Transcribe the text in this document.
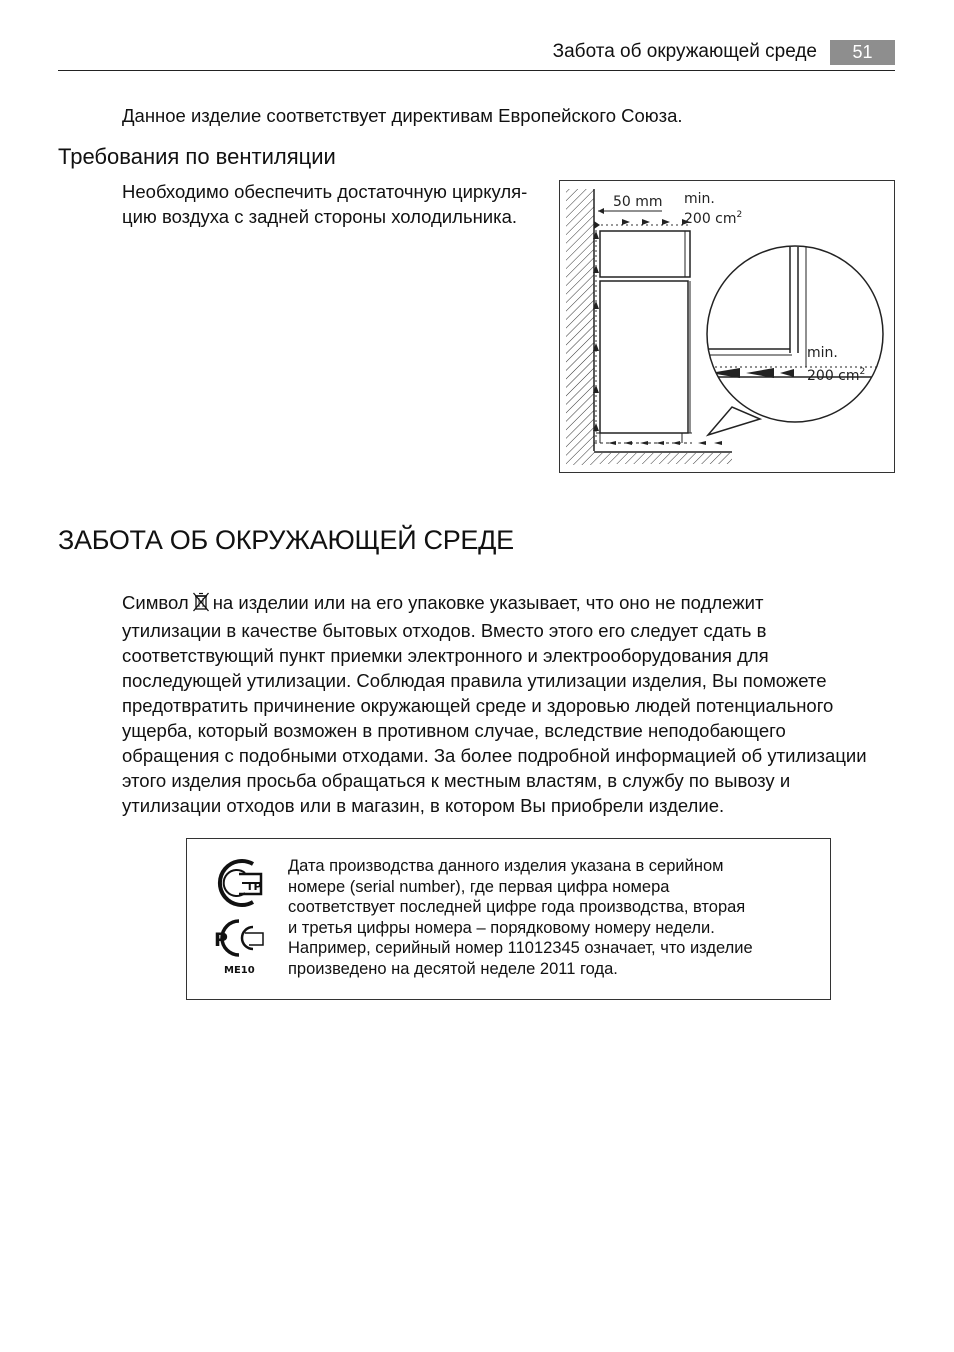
Забота об окружающей среде	51
Данное изделие соответствует директивам Европейского Союза.
Требования по вентиляции
Необходимо обеспечить достаточную циркуля-
цию воздуха с задней стороны холодильника.
50 mm min.
200 $cm^2$
min.
200 $cm^2$
ЗАБОТА ОБ ОКРУЖАЮЩЕЙ СРЕДЕ
Символ на изделии или на его упаковке указывает, что оно не подлежит
утилизации в качестве бытовых отходов. Вместо этого его следует сдать в
соответствующий пункт приемки электронного и электрооборудования для
последующей утилизации. Соблюдая правила утилизации изделия, Вы поможете
предотвратить причинение окружающей среде и здоровью людей потенциального
ущерба, который возможен в противном случае, вследствие неподобающего
обращения с подобными отходами. За более подробной информацией об утилизации
этого изделия просьба обращаться к местным властям, в службу по вывозу и
утилизации отходов или в магазин, в котором Вы приобрели изделие.
TP
P
ME10
Дата производства данного изделия указана в серийном
номере (serial number), где первая цифра номера
соответствует последней цифре года производства, вторая
и третья цифры номера – порядковому номеру недели.
Например, серийный номер 11012345 означает, что изделие
произведено на десятой неделе 2011 года.
